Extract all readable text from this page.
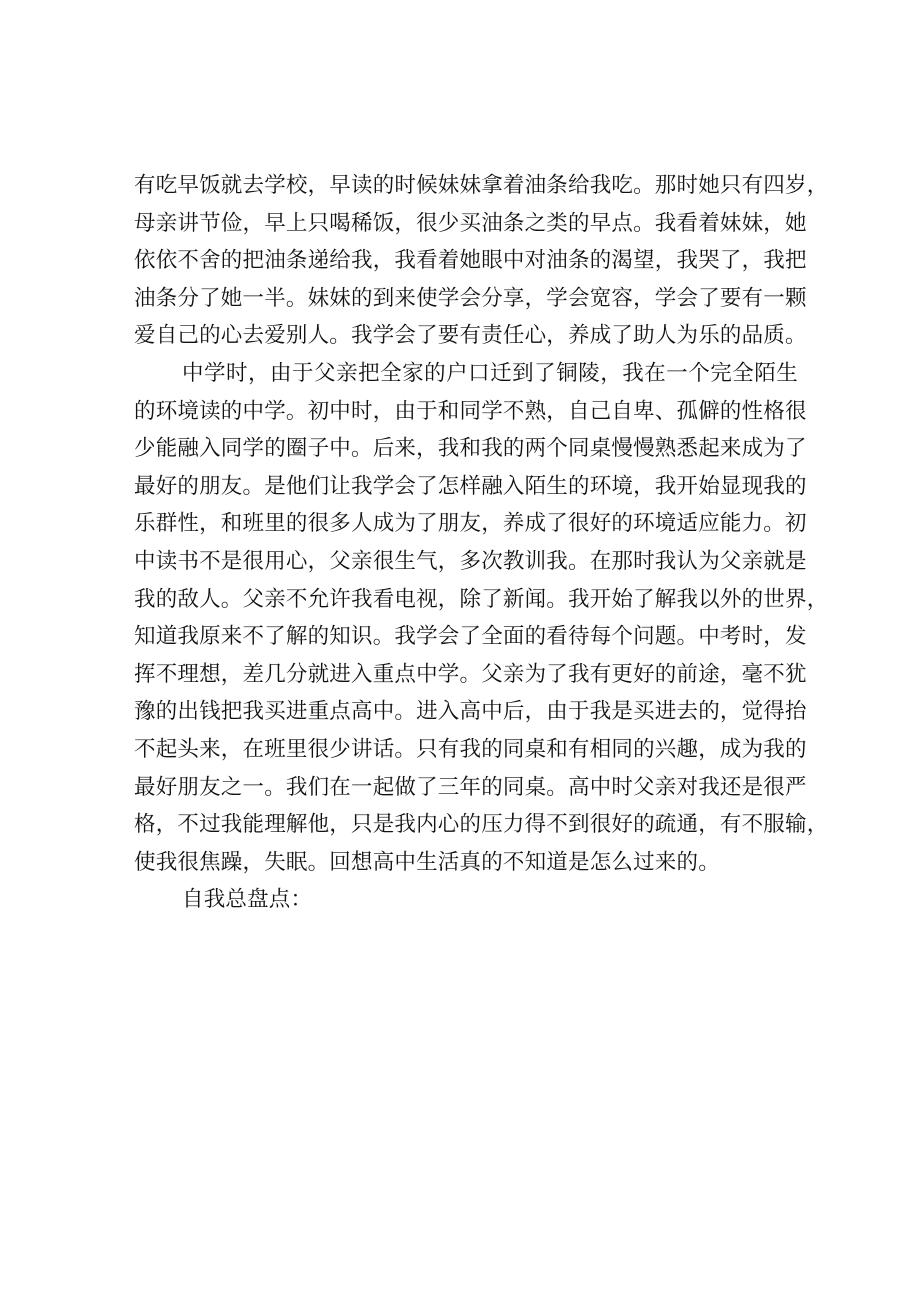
有吃早饭就去学校，早读的时候妹妹拿着油条给我吃。那时她只有四岁，
母亲讲节俭，早上只喝稀饭，很少买油条之类的早点。我看着妹妹，她
依依不舍的把油条递给我，我看着她眼中对油条的渴望，我哭了，我把
油条分了她一半。妹妹的到来使学会分享，学会宽容，学会了要有一颗
爱自己的心去爱别人。我学会了要有责任心，养成了助人为乐的品质。
中学时，由于父亲把全家的户口迁到了铜陵，我在一个完全陌生
的环境读的中学。初中时，由于和同学不熟，自己自卑、孤僻的性格很
少能融入同学的圈子中。后来，我和我的两个同桌慢慢熟悉起来成为了
最好的朋友。是他们让我学会了怎样融入陌生的环境，我开始显现我的
乐群性，和班里的很多人成为了朋友，养成了很好的环境适应能力。初
中读书不是很用心，父亲很生气，多次教训我。在那时我认为父亲就是
我的敌人。父亲不允许我看电视，除了新闻。我开始了解我以外的世界，
知道我原来不了解的知识。我学会了全面的看待每个问题。中考时，发
挥不理想，差几分就进入重点中学。父亲为了我有更好的前途，毫不犹
豫的出钱把我买进重点高中。进入高中后，由于我是买进去的，觉得抬
不起头来，在班里很少讲话。只有我的同桌和有相同的兴趣，成为我的
最好朋友之一。我们在一起做了三年的同桌。高中时父亲对我还是很严
格，不过我能理解他，只是我内心的压力得不到很好的疏通，有不服输，
使我很焦躁，失眠。回想高中生活真的不知道是怎么过来的。
自我总盘点：
